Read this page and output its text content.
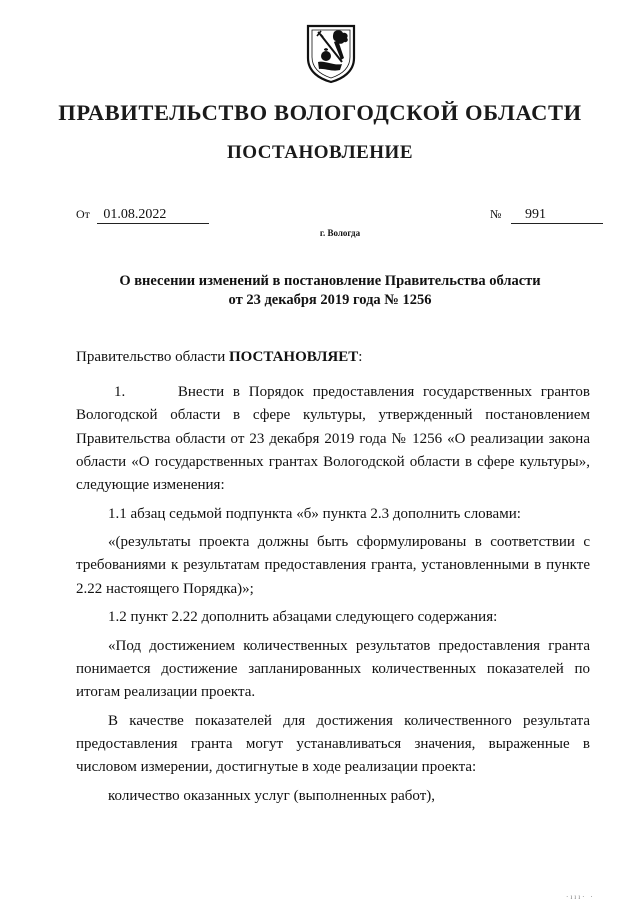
ПРАВИТЕЛЬСТВО ВОЛОГОДСКОЙ ОБЛАСТИ
ПОСТАНОВЛЕНИЕ
От 01.08.2022	№ 991
г. Вологда
О внесении изменений в постановление Правительства области
от 23 декабря 2019 года № 1256

Правительство области ПОСТАНОВЛЯЕТ:

1.      Внести в Порядок предоставления государственных грантов Вологодской области в сфере культуры, утвержденный постановлением Правительства области от 23 декабря 2019 года № 1256 «О реализации закона области «О государственных грантах Вологодской области в сфере культуры», следующие изменения:

1.1 абзац седьмой подпункта «б» пункта 2.3 дополнить словами:

«(результаты проекта должны быть сформулированы в соответствии с требованиями к результатам предоставления гранта, установленными в пункте 2.22 настоящего Порядка)»;

1.2 пункт 2.22 дополнить абзацами следующего содержания:

«Под достижением количественных результатов предоставления гранта понимается достижение запланированных количественных показателей по итогам реализации проекта.

В качестве показателей для достижения количественного результата предоставления гранта могут устанавливаться значения, выраженные в числовом измерении, достигнутые в ходе реализации проекта:

количество оказанных услуг (выполненных работ),

·ııı· ·
